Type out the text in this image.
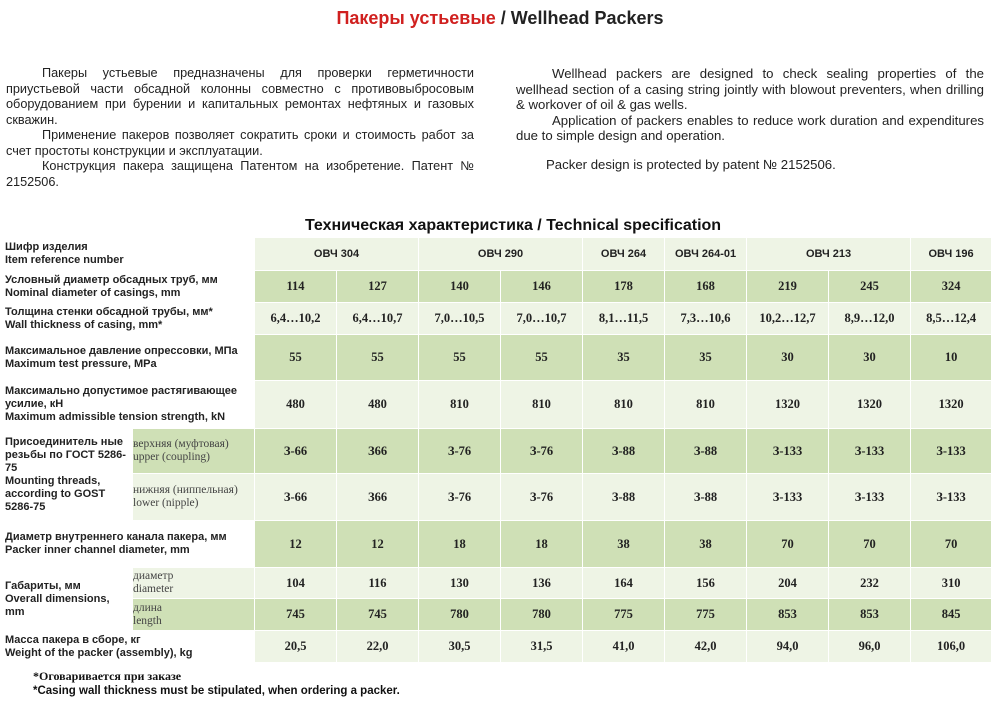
Пакеры устьевые / Wellhead Packers

Пакеры устьевые предназначены для проверки герметичности приустьевой части обсадной колонны совместно с противовыбросовым оборудованием при бурении и капитальных ремонтах нефтяных и газовых скважин.

Применение пакеров позволяет сократить сроки и стоимость работ за счет простоты конструкции и эксплуатации.

Конструкция пакера защищена Патентом на изобретение. Патент № 2152506.

Wellhead packers are designed to check sealing properties of the wellhead section of a casing string jointly with blowout preventers, when drilling & workover of oil & gas wells.

Application of packers enables to reduce work duration and expenditures due to simple design and operation.

Packer design is protected by patent № 2152506.

Техническая характеристика / Technical specification
Шифр изделия
Item reference number		ОВЧ 304		ОВЧ 290		ОВЧ 264	ОВЧ 264-01	ОВЧ 213		ОВЧ 196

Условный диаметр обсадных труб, мм
Nominal diameter of casings, mm		114	127	140	146	178	168	219	245	324

Толщина стенки обсадной трубы, мм*
Wall thickness of casing, mm*		6,4…10,2	6,4…10,7	7,0…10,5	7,0…10,7	8,1…11,5	7,3…10,6	10,2…12,7	8,9…12,0	8,5…12,4

Максимальное давление опрессовки, МПа
Maximum test pressure, MPa		55	55	55	55	35	35	30	30	10

Максимально допустимое растягивающее усилие, кН
Maximum admissible tension strength, kN		480	480	810	810	810	810	1320	1320	1320

Присоединитель ные резьбы по ГОСТ 5286-75
Mounting threads, according to GOST 5286-75	верхняя (муфтовая)
upper (coupling)	З-66	З66	З-76	З-76	З-88	З-88	З-133	З-133	З-133

	нижняя (ниппельная)
lower (nipple)	З-66	З66	З-76	З-76	З-88	З-88	З-133	З-133	З-133

Диаметр внутреннего канала пакера, мм
Packer inner channel diameter, mm		12	12	18	18	38	38	70	70	70

Габариты, мм
Overall dimensions, mm	диаметр
diameter	104	116	130	136	164	156	204	232	310

	длина
length	745	745	780	780	775	775	853	853	845

Масса пакера в сборе, кг
Weight of the packer (assembly), kg		20,5	22,0	30,5	31,5	41,0	42,0	94,0	96,0	106,0
*Оговаривается при заказе
*Casing wall thickness must be stipulated, when ordering a packer.
